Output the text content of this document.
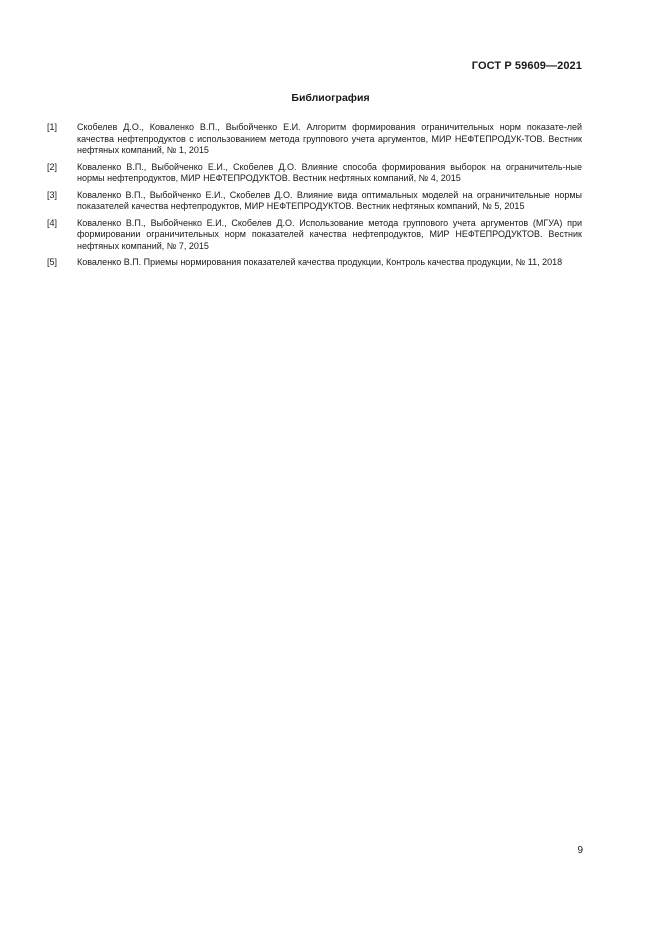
ГОСТ Р 59609—2021
Библиография
[1]	Скобелев Д.О., Коваленко В.П., Выбойченко Е.И. Алгоритм формирования ограничительных норм показате-лей качества нефтепродуктов с использованием метода группового учета аргументов, МИР НЕФТЕПРОДУК-ТОВ. Вестник нефтяных компаний, № 1, 2015
[2]	Коваленко В.П., Выбойченко Е.И., Скобелев Д.О. Влияние способа формирования выборок на ограничитель-ные нормы нефтепродуктов, МИР НЕФТЕПРОДУКТОВ. Вестник нефтяных компаний, № 4, 2015
[3]	Коваленко В.П., Выбойченко Е.И., Скобелев Д.О. Влияние вида оптимальных моделей на ограничительные нормы показателей качества нефтепродуктов, МИР НЕФТЕПРОДУКТОВ. Вестник нефтяных компаний, № 5, 2015
[4]	Коваленко В.П., Выбойченко Е.И., Скобелев Д.О. Использование метода группового учета аргументов (МГУА) при формировании ограничительных норм показателей качества нефтепродуктов, МИР НЕФТЕПРОДУКТОВ. Вестник нефтяных компаний, № 7, 2015
[5]	Коваленко В.П. Приемы нормирования показателей качества продукции, Контроль качества продукции, № 11, 2018
9
